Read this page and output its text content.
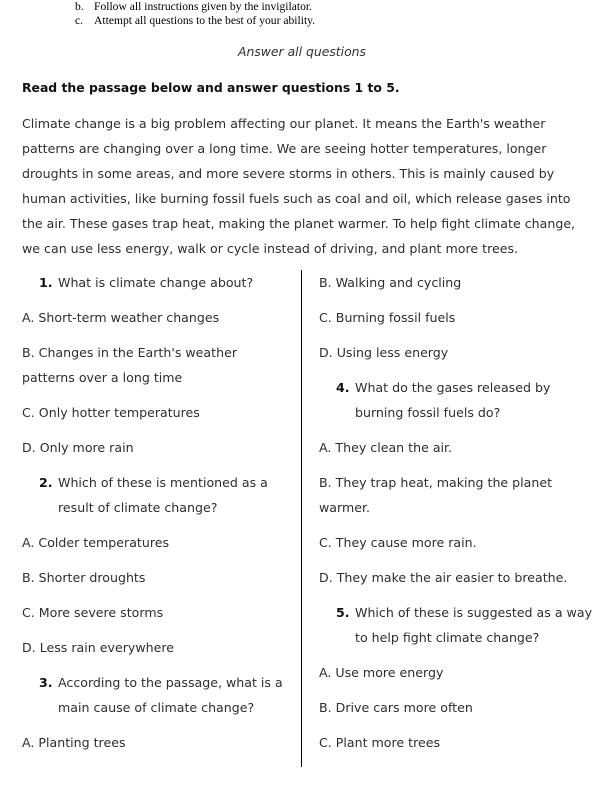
b. Follow all instructions given by the invigilator.
c. Attempt all questions to the best of your ability.
Answer all questions
Read the passage below and answer questions 1 to 5.

Climate change is a big problem affecting our planet. It means the Earth's weather patterns are changing over a long time. We are seeing hotter temperatures, longer droughts in some areas, and more severe storms in others. This is mainly caused by human activities, like burning fossil fuels such as coal and oil, which release gases into the air. These gases trap heat, making the planet warmer. To help fight climate change, we can use less energy, walk or cycle instead of driving, and plant more trees.

1. What is climate change about?

A. Short-term weather changes

B. Changes in the Earth's weather patterns over a long time

C. Only hotter temperatures

D. Only more rain

2. Which of these is mentioned as a result of climate change?

A. Colder temperatures

B. Shorter droughts

C. More severe storms

D. Less rain everywhere

3. According to the passage, what is a main cause of climate change?

A. Planting trees

B. Walking and cycling

C. Burning fossil fuels

D. Using less energy

4. What do the gases released by burning fossil fuels do?

A. They clean the air.

B. They trap heat, making the planet warmer.

C. They cause more rain.

D. They make the air easier to breathe.

5. Which of these is suggested as a way to help fight climate change?

A. Use more energy

B. Drive cars more often

C. Plant more trees
